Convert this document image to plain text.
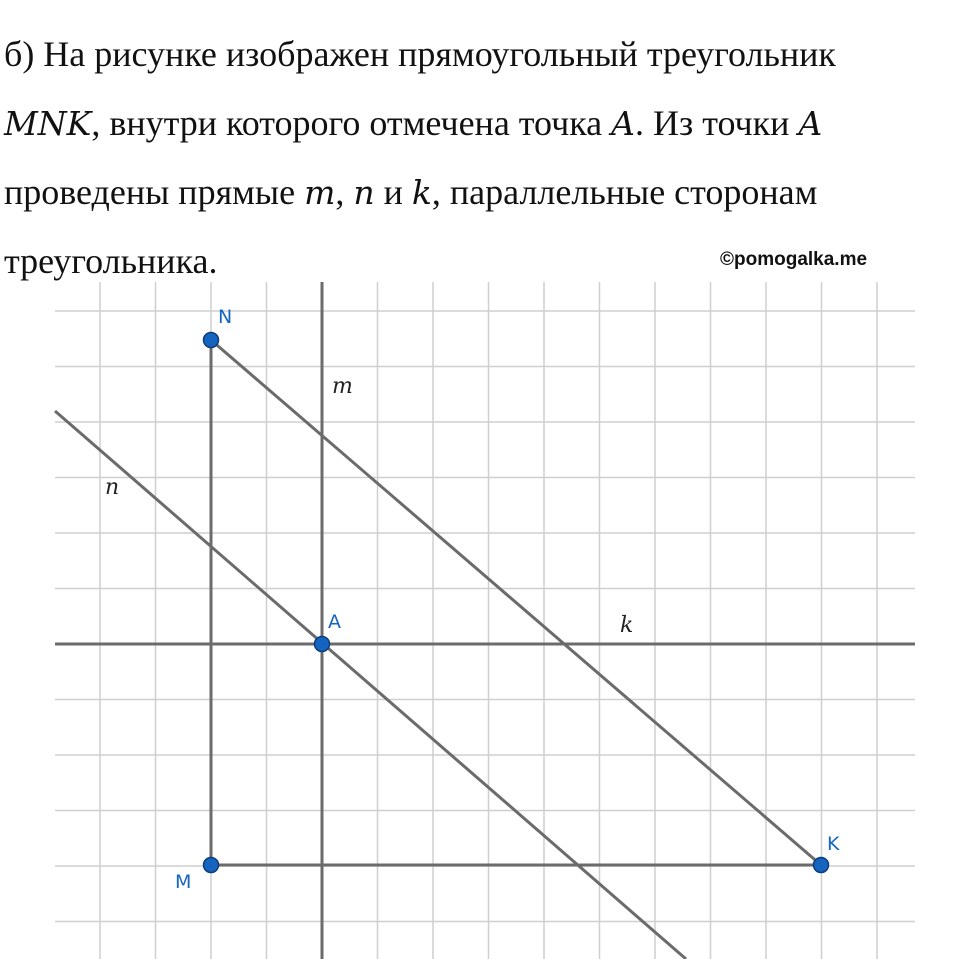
б) На рисунке изображен прямоугольный треугольник
MNK, внутри которого отмечена точка A. Из точки A
проведены прямые m, n и k, параллельные сторонам
треугольника.	©pomogalka.me
N
A
M
K
m
n
k
